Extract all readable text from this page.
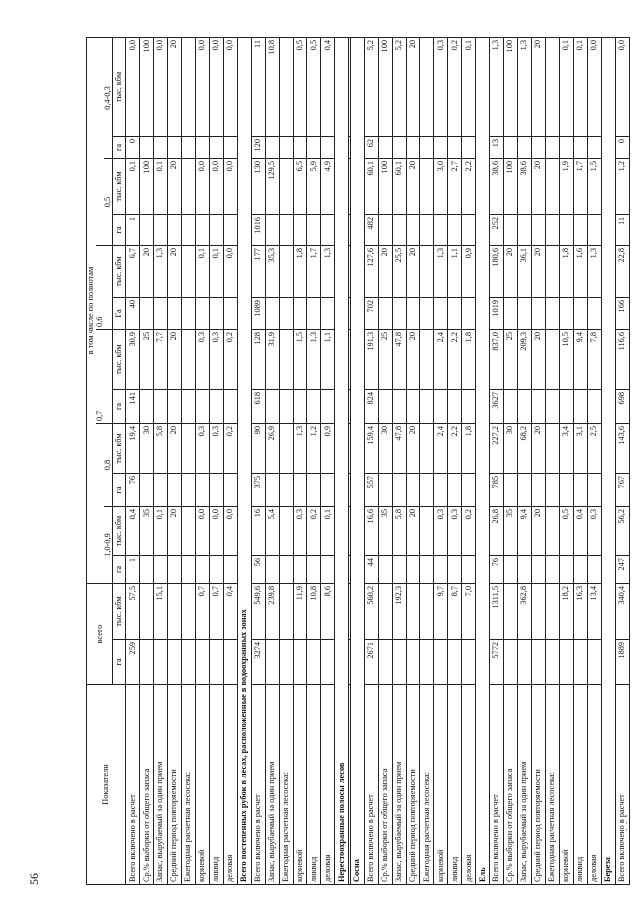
Показатели	всего		в том числе по полнотам											
							0,7		0,6					
			1,0-0,9		0,8						0,5		0,4-0,3	
	га	тыс. кбм	га	тыс. кбм	га	тыс. кбм	га	тыс. кбм	Га	тыс. кбм	га	тыс. кбм	га	тыс. кбм
Всего включено в расчет	259	57,5	1	0,4	76	19,4	141	30,9	40	6,7	1	0,1	0	0,0
Ср.% выборки от общего запаса				35		30		25		20		100		100
Запас, вырубаемый за один прием		15,1		0,1		5,8		7,7		1,3		0,1		0,0
Средний период повторяемости				20		20		20		20		20		20
Ежегодная расчетная лесосека:														
корневой		0,7		0,0		0,3		0,3		0,1		0,0		0,0
ликвид		0,7		0,0		0,3		0,3		0,1		0,0		0,0
деловая		0,4		0,0		0,2		0,2		0,0		0,0		0,0
Всего постепенных рубок в лесах, расположенные в водоохранных зонах														
Всего включено в расчет	3274	549,6	56	16	375	90	618	128	1089	177	1016	130	120	11
Запас, вырубаемый за один прием		239,8		5,4		26,9		31,9		35,3		129,5		10,8
Ежегодная расчетная лесосека:														
корневой		11,9		0,3		1,3		1,5		1,8		6,5		0,5
ликвид		10,8		0,2		1,2		1,3		1,7		5,9		0,5
деловая		8,6		0,1		0,9		1,1		1,3		4,9		0,4
Нерестоохранные полосы лесов														

Сосна														
Всего включено в расчет	2671	560,2	44	16,6	557	159,4	824	191,3	702	127,6	482	60,1	62	5,2
Ср.% выборки от общего запаса				35		30		25		20		100		100
Запас, вырубаемый за один прием		192,3		5,8		47,8		47,8		25,5		60,1		5,2
Средний период повторяемости				20		20		20		20		20		20
Ежегодная расчетная лесосека:														
корневой		9,7		0,3		2,4		2,4		1,3		3,0		0,3
ликвид		8,7		0,3		2,2		2,2		1,1		2,7		0,2
деловая		7,0		0,2		1,8		1,8		0,9		2,2		0,1
Ель														
Всего включено в расчет	5772	1311,5	76	26,8	785	227,2	3627	837,0	1019	180,6	252	38,6	13	1,3
Ср.% выборки от общего запаса				35		30		25		20		100		100
Запас, вырубаемый за один прием		362,8		9,4		68,2		209,3		36,1		38,6		1,3
Средний период повторяемости				20		20		20		20		20		20
Ежегодная расчетная лесосека:														
корневой		18,2		0,5		3,4		10,5		1,8		1,9		0,1
ликвид		16,3		0,4		3,1		9,4		1,6		1,7		0,1
деловая		13,4		0,3		2,5		7,8		1,3		1,5		0,0
Береза														
Всего включено в расчет	1889	340,4	247	56,2	767	143,6	698	116,6	166	22,8	11	1,2	0	0,0
56
